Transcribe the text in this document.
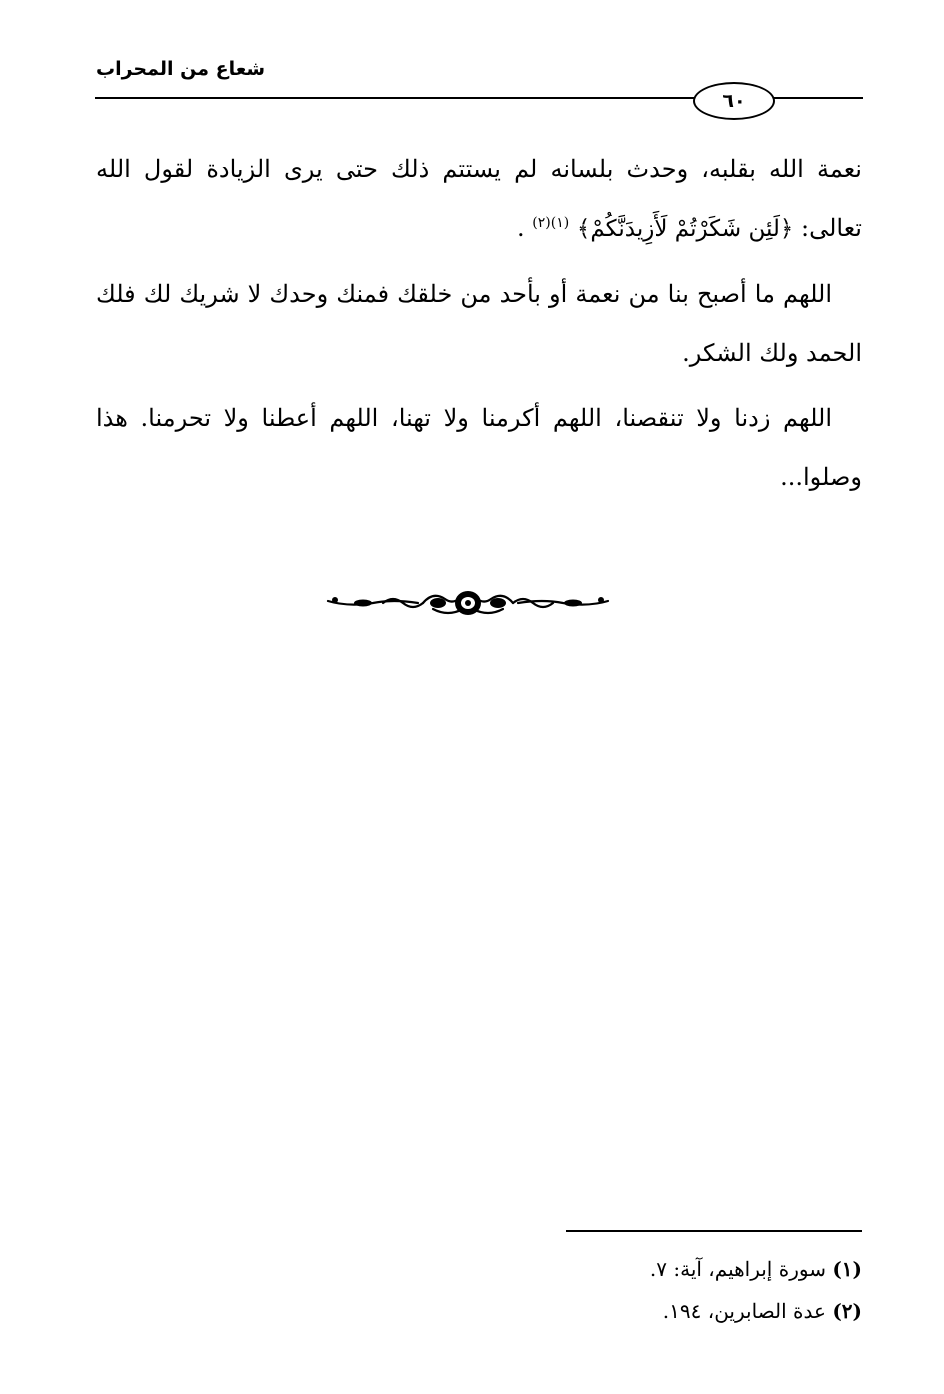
شعاع من المحراب
٦٠

نعمة الله بقلبه، وحدث بلسانه لم يستتم ذلك حتى يرى الزيادة لقول الله تعالى: ﴿لَئِن شَكَرْتُمْ لَأَزِيدَنَّكُمْ﴾ $^{(١)(٢)}$ .

اللهم ما أصبح بنا من نعمة أو بأحد من خلقك فمنك وحدك لا شريك لك فلك الحمد ولك الشكر.

اللهم زدنا ولا تنقصنا، اللهم أكرمنا ولا تهنا، اللهم أعطنا ولا تحرمنا. هذا وصلوا...

(١) سورة إبراهيم، آية: ٧.
(٢) عدة الصابرين، ١٩٤.
